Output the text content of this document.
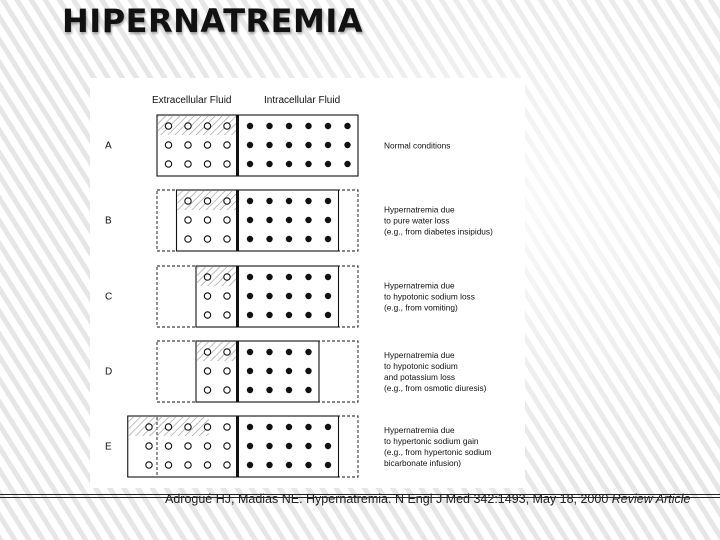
HIPERNATREMIA
Extracellular Fluid	Intracellular Fluid
A	Normal conditions
B
Hypernatremia due
to pure water loss
(e.g., from diabetes insipidus)
C
Hypernatremia due
to hypotonic sodium loss
(e.g., from vomiting)
D
Hypernatremia due
to hypotonic sodium
and potassium loss
(e.g., from osmotic diuresis)
E
Hypernatremia due
to hypertonic sodium gain
(e.g., from hypertonic sodium
bicarbonate infusion)
Adrogué HJ, Madias NE. Hypernatremia. N Engl J Med 342:1493, May 18, 2000 Review Article
